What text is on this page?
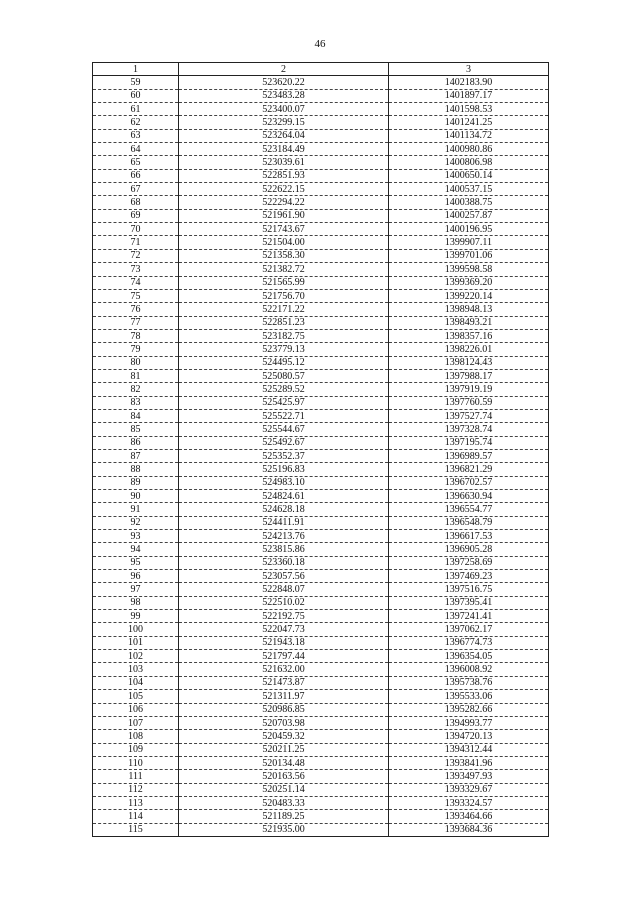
46
1	2	3
59	523620.22	1402183.90
60	523483.28	1401897.17
61	523400.07	1401598.53
62	523299.15	1401241.25
63	523264.04	1401134.72
64	523184.49	1400980.86
65	523039.61	1400806.98
66	522851.93	1400650.14
67	522622.15	1400537.15
68	522294.22	1400388.75
69	521961.90	1400257.87
70	521743.67	1400196.95
71	521504.00	1399907.11
72	521358.30	1399701.06
73	521382.72	1399598.58
74	521565.99	1399369.20
75	521756.70	1399220.14
76	522171.22	1398948.13
77	522851.23	1398493.21
78	523182.75	1398357.16
79	523779.13	1398226.01
80	524495.12	1398124.43
81	525080.57	1397988.17
82	525289.52	1397919.19
83	525425.97	1397760.59
84	525522.71	1397527.74
85	525544.67	1397328.74
86	525492.67	1397195.74
87	525352.37	1396989.57
88	525196.83	1396821.29
89	524983.10	1396702.57
90	524824.61	1396630.94
91	524628.18	1396554.77
92	524411.91	1396548.79
93	524213.76	1396617.53
94	523815.86	1396905.28
95	523360.18	1397258.69
96	523057.56	1397469.23
97	522848.07	1397516.75
98	522510.02	1397395.41
99	522192.75	1397241.41
100	522047.73	1397062.17
101	521943.18	1396774.73
102	521797.44	1396354.05
103	521632.00	1396008.92
104	521473.87	1395738.76
105	521311.97	1395533.06
106	520986.85	1395282.66
107	520703.98	1394993.77
108	520459.32	1394720.13
109	520211.25	1394312.44
110	520134.48	1393841.96
111	520163.56	1393497.93
112	520251.14	1393329.67
113	520483.33	1393324.57
114	521189.25	1393464.66
115	521935.00	1393684.36
